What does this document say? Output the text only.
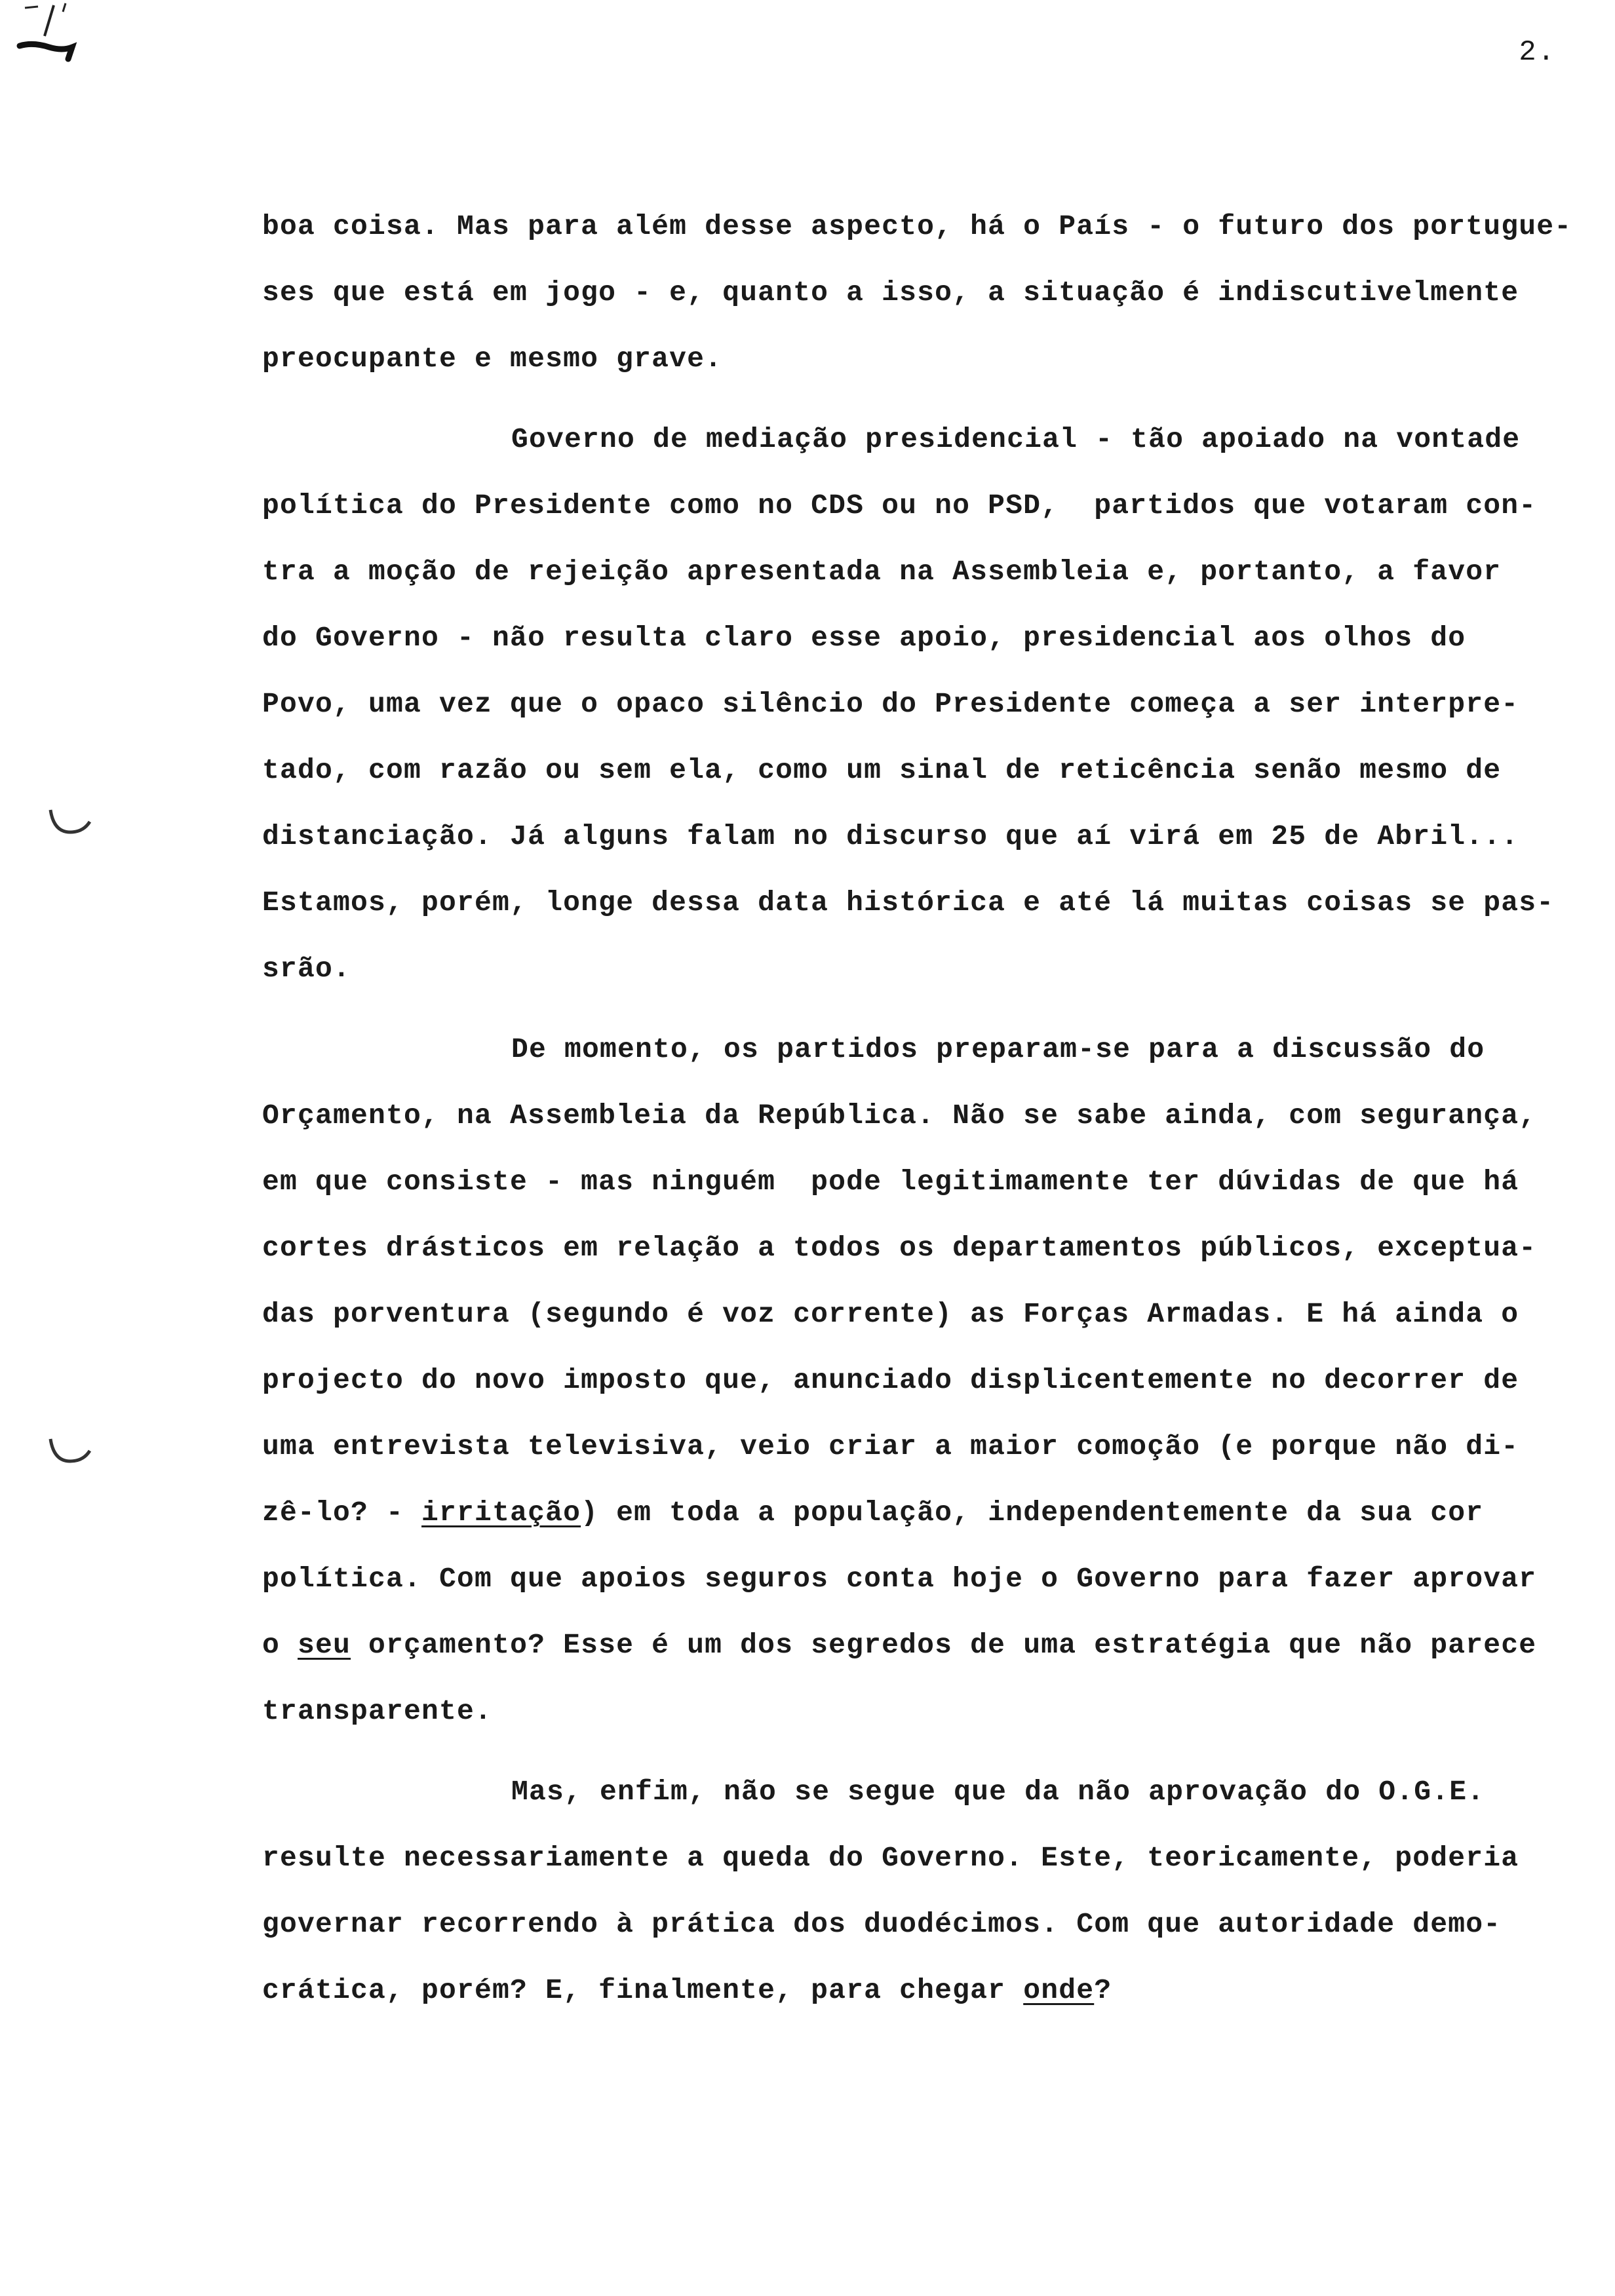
2.
boa coisa. Mas para além desse aspecto, há o País - o futuro dos portugue-
ses que está em jogo - e, quanto a isso, a situação é indiscutivelmente
preocupante e mesmo grave.
Governo de mediação presidencial - tão apoiado na vontade
política do Presidente como no CDS ou no PSD,  partidos que votaram con-
tra a moção de rejeição apresentada na Assembleia e, portanto, a favor
do Governo - não resulta claro esse apoio, presidencial aos olhos do
Povo, uma vez que o opaco silêncio do Presidente começa a ser interpre-
tado, com razão ou sem ela, como um sinal de reticência senão mesmo de
distanciação. Já alguns falam no discurso que aí virá em 25 de Abril...
Estamos, porém, longe dessa data histórica e até lá muitas coisas se pas-
srão.
De momento, os partidos preparam-se para a discussão do
Orçamento, na Assembleia da República. Não se sabe ainda, com segurança,
em que consiste - mas ninguém  pode legitimamente ter dúvidas de que há
cortes drásticos em relação a todos os departamentos públicos, exceptua-
das porventura (segundo é voz corrente) as Forças Armadas. E há ainda o
projecto do novo imposto que, anunciado displicentemente no decorrer de
uma entrevista televisiva, veio criar a maior comoção (e porque não di-
zê-lo? - irritação) em toda a população, independentemente da sua cor
política. Com que apoios seguros conta hoje o Governo para fazer aprovar
o seu orçamento? Esse é um dos segredos de uma estratégia que não parece
transparente.
Mas, enfim, não se segue que da não aprovação do O.G.E.
resulte necessariamente a queda do Governo. Este, teoricamente, poderia
governar recorrendo à prática dos duodécimos. Com que autoridade demo-
crática, porém? E, finalmente, para chegar onde?
